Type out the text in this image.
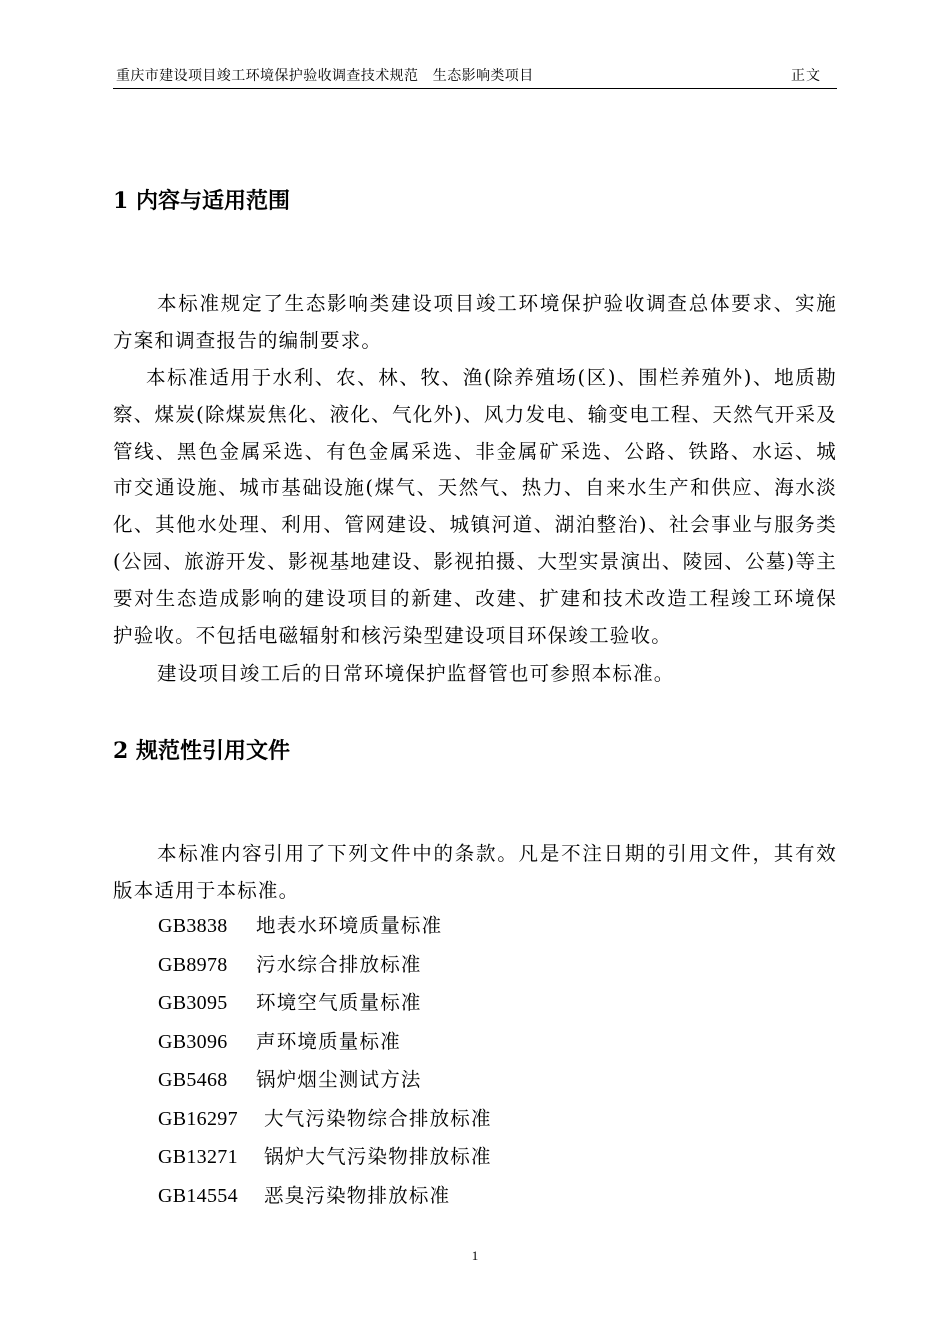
重庆市建设项目竣工环境保护验收调查技术规范　生态影响类项目	正文
1 内容与适用范围

本标准规定了生态影响类建设项目竣工环境保护验收调查总体要求、实施方案和调查报告的编制要求。

本标准适用于水利、农、林、牧、渔(除养殖场(区)、围栏养殖外)、地质勘察、煤炭(除煤炭焦化、液化、气化外)、风力发电、输变电工程、天然气开采及管线、黑色金属采选、有色金属采选、非金属矿采选、公路、铁路、水运、城市交通设施、城市基础设施(煤气、天然气、热力、自来水生产和供应、海水淡化、其他水处理、利用、管网建设、城镇河道、湖泊整治)、社会事业与服务类(公园、旅游开发、影视基地建设、影视拍摄、大型实景演出、陵园、公墓)等主要对生态造成影响的建设项目的新建、改建、扩建和技术改造工程竣工环境保护验收。不包括电磁辐射和核污染型建设项目环保竣工验收。

建设项目竣工后的日常环境保护监督管也可参照本标准。

2 规范性引用文件

本标准内容引用了下列文件中的条款。凡是不注日期的引用文件，其有效版本适用于本标准。

GB3838 地表水环境质量标准
GB8978 污水综合排放标准
GB3095 环境空气质量标准
GB3096 声环境质量标准
GB5468 锅炉烟尘测试方法
GB16297 大气污染物综合排放标准
GB13271 锅炉大气污染物排放标准
GB14554 恶臭污染物排放标准
1
